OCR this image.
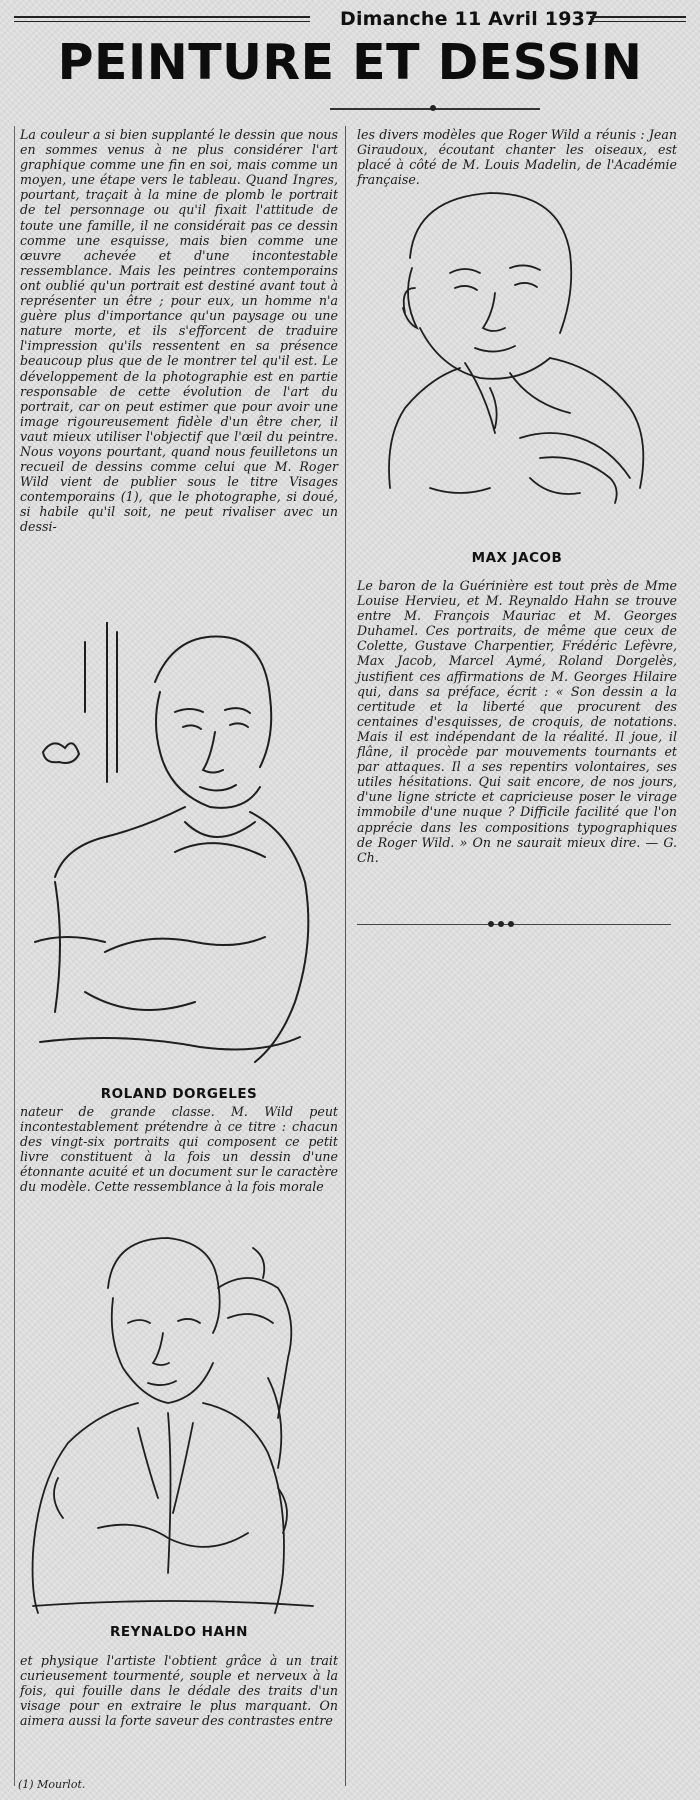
Dimanche 11 Avril 1937
PEINTURE ET DESSIN

La couleur a si bien supplanté le dessin que nous en sommes venus à ne plus considérer l'art graphique comme une fin en soi, mais comme un moyen, une étape vers le tableau. Quand Ingres, pourtant, traçait à la mine de plomb le portrait de tel personnage ou qu'il fixait l'attitude de toute une famille, il ne considérait pas ce dessin comme une esquisse, mais bien comme une œuvre achevée et d'une incontestable ressemblance. Mais les peintres contemporains ont oublié qu'un portrait est destiné avant tout à représenter un être ; pour eux, un homme n'a guère plus d'importance qu'un paysage ou une nature morte, et ils s'efforcent de traduire l'impression qu'ils ressentent en sa présence beaucoup plus que de le montrer tel qu'il est. Le développement de la photographie est en partie responsable de cette évolution de l'art du portrait, car on peut estimer que pour avoir une image rigoureusement fidèle d'un être cher, il vaut mieux utiliser l'objectif que l'œil du peintre. Nous voyons pourtant, quand nous feuilletons un recueil de dessins comme celui que M. Roger Wild vient de publier sous le titre Visages contemporains (1), que le photographe, si doué, si habile qu'il soit, ne peut rivaliser avec un dessi-

ROLAND DORGELES

nateur de grande classe. M. Wild peut incontestablement prétendre à ce titre : chacun des vingt-six portraits qui composent ce petit livre constituent à la fois un dessin d'une étonnante acuité et un document sur le caractère du modèle. Cette ressemblance à la fois morale

REYNALDO HAHN

et physique l'artiste l'obtient grâce à un trait curieusement tourmenté, souple et nerveux à la fois, qui fouille dans le dédale des traits d'un visage pour en extraire le plus marquant. On aimera aussi la forte saveur des contrastes entre

(1) Mourlot.

les divers modèles que Roger Wild a réunis : Jean Giraudoux, écoutant chanter les oiseaux, est placé à côté de M. Louis Madelin, de l'Académie française.

MAX JACOB

Le baron de la Guérinière est tout près de Mme Louise Hervieu, et M. Reynaldo Hahn se trouve entre M. François Mauriac et M. Georges Duhamel. Ces portraits, de même que ceux de Colette, Gustave Charpentier, Frédéric Lefèvre, Max Jacob, Marcel Aymé, Roland Dorgelès, justifient ces affirmations de M. Georges Hilaire qui, dans sa préface, écrit : « Son dessin a la certitude et la liberté que procurent des centaines d'esquisses, de croquis, de notations. Mais il est indépendant de la réalité. Il joue, il flâne, il procède par mouvements tournants et par attaques. Il a ses repentirs volontaires, ses utiles hésitations. Qui sait encore, de nos jours, d'une ligne stricte et capricieuse poser le virage immobile d'une nuque ? Difficile facilité que l'on apprécie dans les compositions typographiques de Roger Wild. » On ne saurait mieux dire. — G. Ch.
